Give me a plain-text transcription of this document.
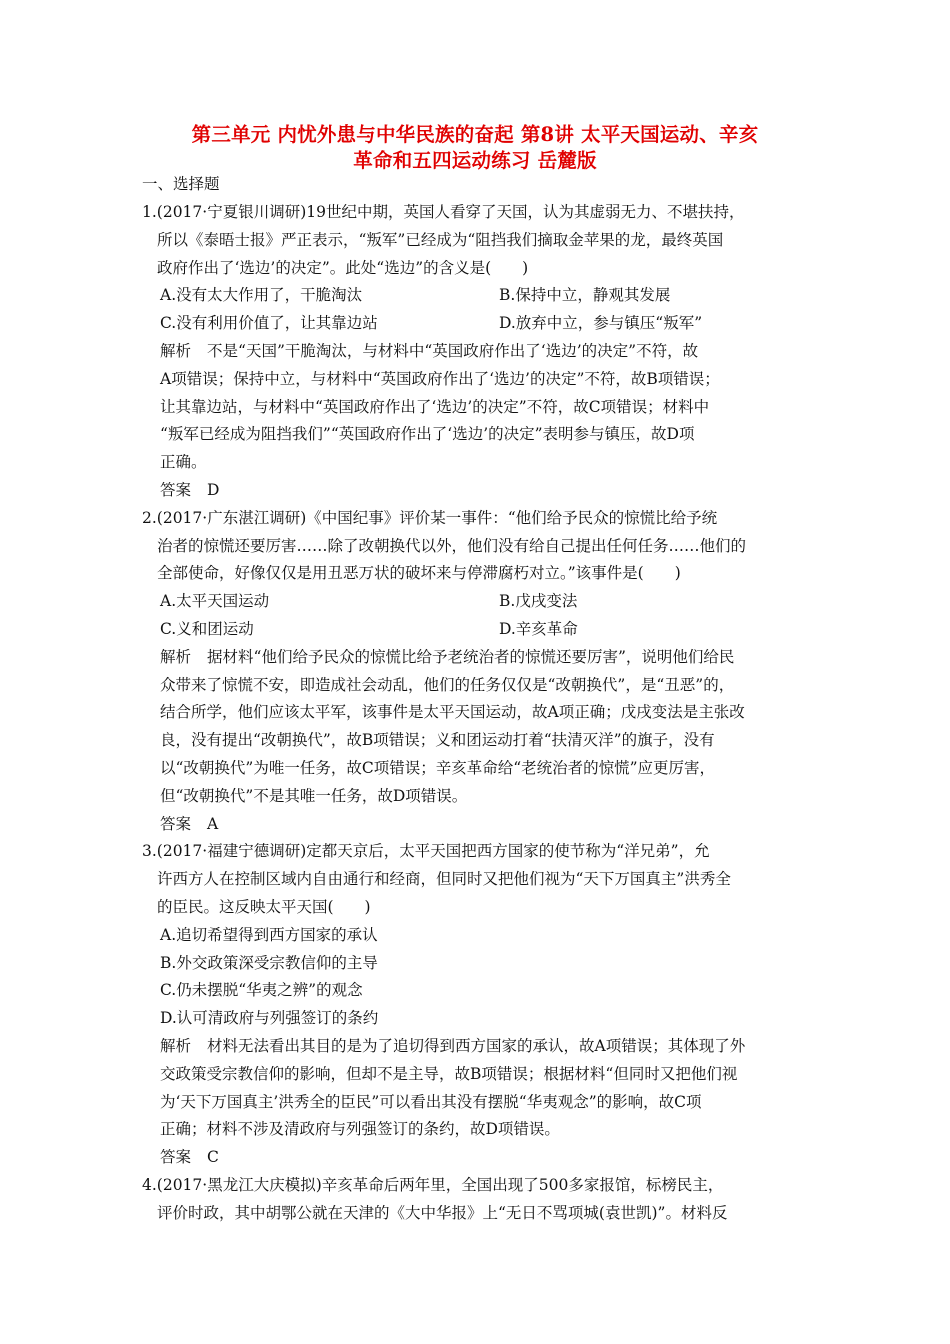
第三单元 内忧外患与中华民族的奋起 第8讲 太平天国运动、辛亥
革命和五四运动练习 岳麓版
一、选择题
1.(2017·宁夏银川调研)19世纪中期，英国人看穿了天国，认为其虚弱无力、不堪扶持，
所以《泰晤士报》严正表示，“叛军”已经成为“阻挡我们摘取金苹果的龙，最终英国
政府作出了‘选边’的决定”。此处“选边”的含义是(　　)
A.没有太大作用了，干脆淘汰	B.保持中立，静观其发展
C.没有利用价值了，让其靠边站	D.放弃中立，参与镇压“叛军”
解析 不是“天国”干脆淘汰，与材料中“英国政府作出了‘选边’的决定”不符，故
A项错误；保持中立，与材料中“英国政府作出了‘选边’的决定”不符，故B项错误；
让其靠边站，与材料中“英国政府作出了‘选边’的决定”不符，故C项错误；材料中
“叛军已经成为阻挡我们”“英国政府作出了‘选边’的决定”表明参与镇压，故D项
正确。
答案 D
2.(2017·广东湛江调研)《中国纪事》评价某一事件：“他们给予民众的惊慌比给予统
治者的惊慌还要厉害……除了改朝换代以外，他们没有给自己提出任何任务……他们的
全部使命，好像仅仅是用丑恶万状的破坏来与停滞腐朽对立。”该事件是(　　)
A.太平天国运动	B.戊戌变法
C.义和团运动	D.辛亥革命
解析 据材料“他们给予民众的惊慌比给予老统治者的惊慌还要厉害”，说明他们给民
众带来了惊慌不安，即造成社会动乱，他们的任务仅仅是“改朝换代”，是“丑恶”的，
结合所学，他们应该太平军，该事件是太平天国运动，故A项正确；戊戌变法是主张改
良，没有提出“改朝换代”，故B项错误；义和团运动打着“扶清灭洋”的旗子，没有
以“改朝换代”为唯一任务，故C项错误；辛亥革命给“老统治者的惊慌”应更厉害，
但“改朝换代”不是其唯一任务，故D项错误。
答案 A
3.(2017·福建宁德调研)定都天京后，太平天国把西方国家的使节称为“洋兄弟”，允
许西方人在控制区域内自由通行和经商，但同时又把他们视为“天下万国真主”洪秀全
的臣民。这反映太平天国(　　)
A.追切希望得到西方国家的承认
B.外交政策深受宗教信仰的主导
C.仍未摆脱“华夷之辨”的观念
D.认可清政府与列强签订的条约
解析 材料无法看出其目的是为了追切得到西方国家的承认，故A项错误；其体现了外
交政策受宗教信仰的影响，但却不是主导，故B项错误；根据材料“但同时又把他们视
为‘天下万国真主’洪秀全的臣民”可以看出其没有摆脱“华夷观念”的影响，故C项
正确；材料不涉及清政府与列强签订的条约，故D项错误。
答案 C
4.(2017·黑龙江大庆模拟)辛亥革命后两年里，全国出现了500多家报馆，标榜民主，
评价时政，其中胡鄂公就在天津的《大中华报》上“无日不骂项城(袁世凯)”。材料反
